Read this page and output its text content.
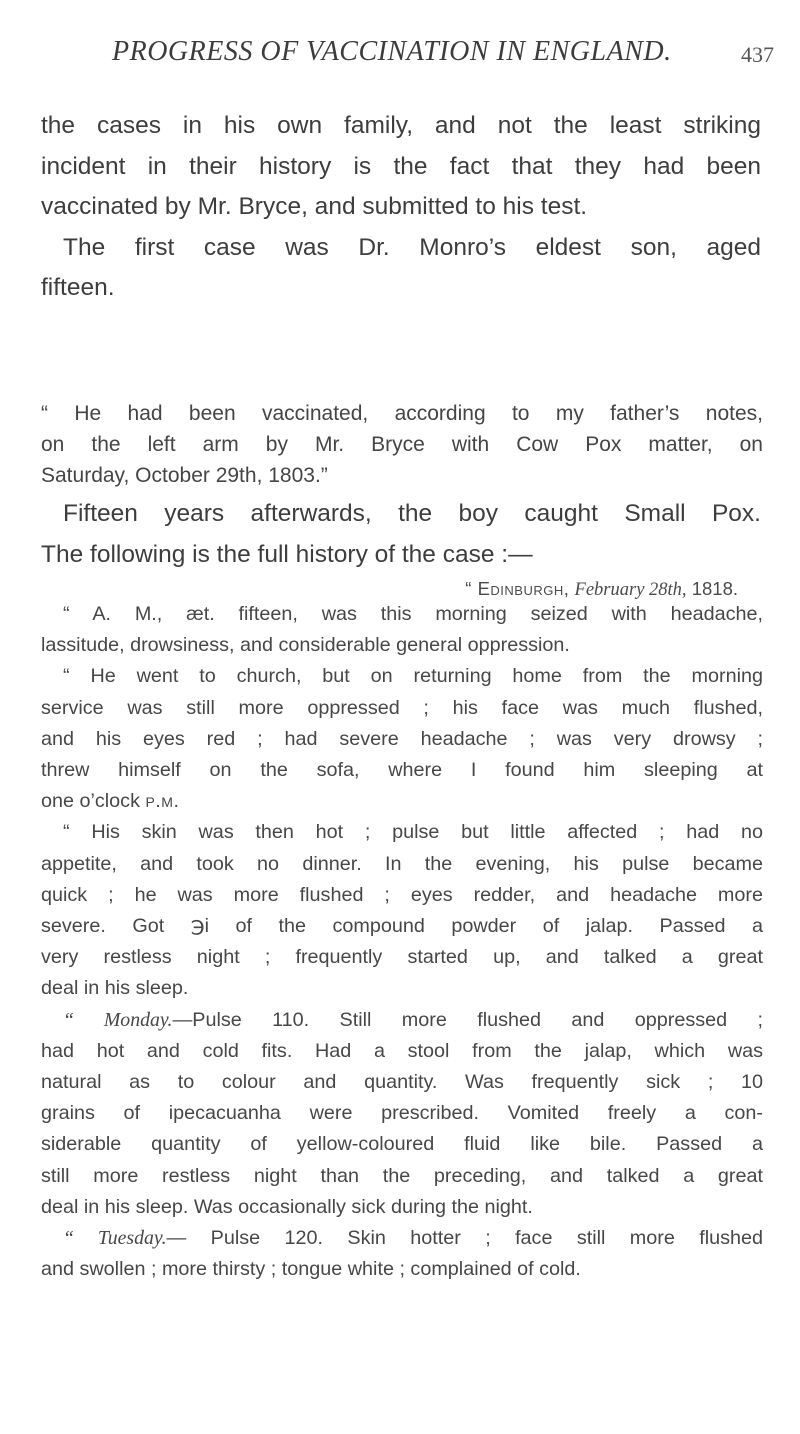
PROGRESS OF VACCINATION IN ENGLAND.	437
the cases in his own family, and not the least striking
incident in their history is the fact that they had been
vaccinated by Mr. Bryce, and submitted to his test.
The first case was Dr. Monro’s eldest son, aged
fifteen.
“ He had been vaccinated, according to my father’s notes,
on the left arm by Mr. Bryce with Cow Pox matter, on
Saturday, October 29th, 1803.”
Fifteen years afterwards, the boy caught Small Pox.
The following is the full history of the case :—
“ Edinburgh, February 28th, 1818.
“ A. M., æt. fifteen, was this morning seized with headache,
lassitude, drowsiness, and considerable general oppression.
“ He went to church, but on returning home from the morning
service was still more oppressed ; his face was much flushed,
and his eyes red ; had severe headache ; was very drowsy ;
threw himself on the sofa, where I found him sleeping at
one o’clock p.m.
“ His skin was then hot ; pulse but little affected ; had no
appetite, and took no dinner. In the evening, his pulse became
quick ; he was more flushed ; eyes redder, and headache more
severe. Got ℈i of the compound powder of jalap. Passed a
very restless night ; frequently started up, and talked a great
deal in his sleep.
“ Monday.—Pulse 110. Still more flushed and oppressed ;
had hot and cold fits. Had a stool from the jalap, which was
natural as to colour and quantity. Was frequently sick ; 10
grains of ipecacuanha were prescribed. Vomited freely a con-
siderable quantity of yellow-coloured fluid like bile. Passed a
still more restless night than the preceding, and talked a great
deal in his sleep. Was occasionally sick during the night.
“ Tuesday.— Pulse 120. Skin hotter ; face still more flushed
and swollen ; more thirsty ; tongue white ; complained of cold.
